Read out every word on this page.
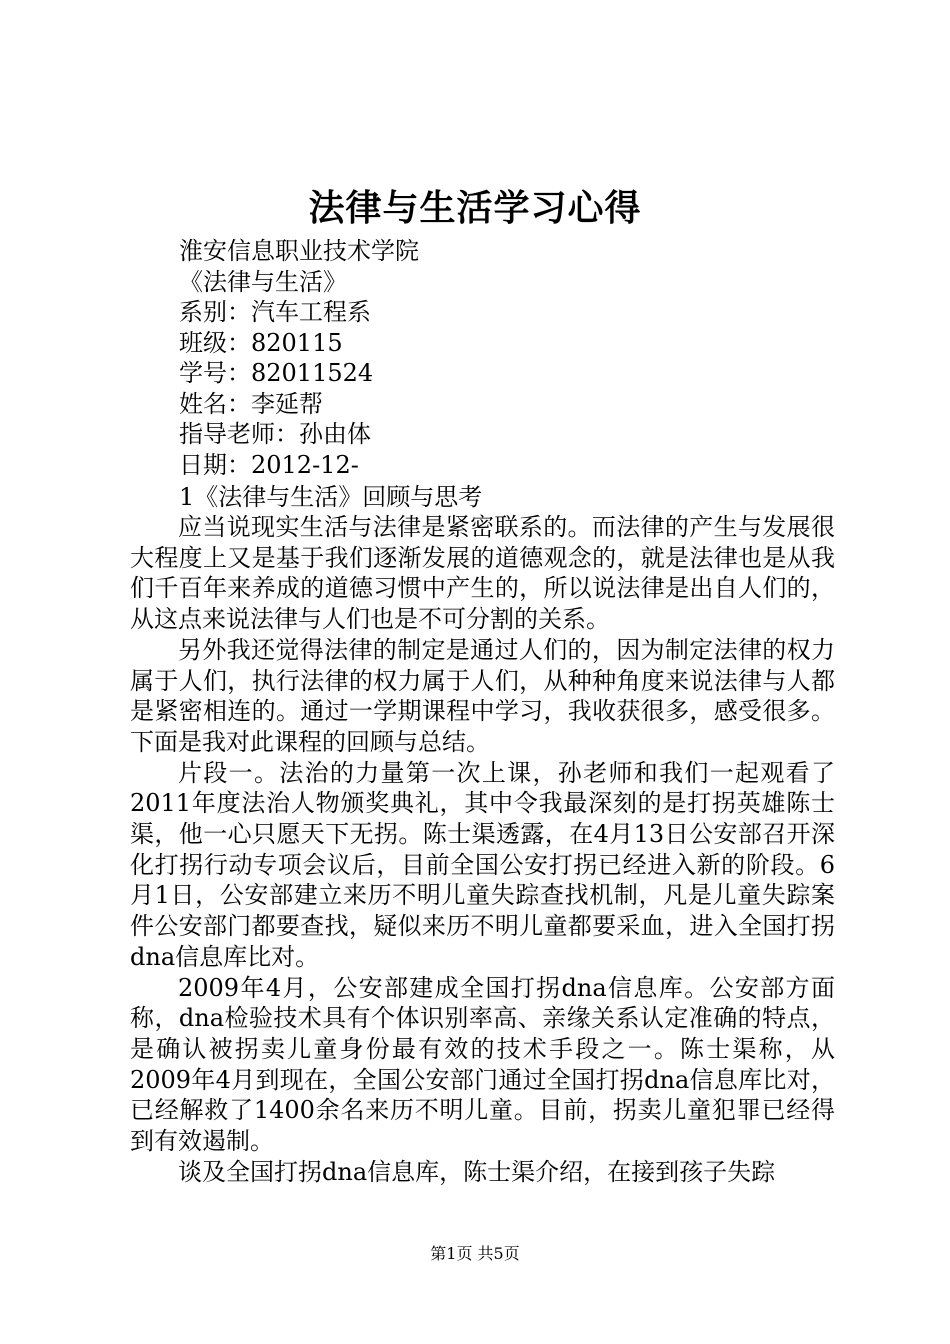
法律与生活学习心得
淮安信息职业技术学院
《法律与生活》
系别：汽车工程系
班级：820115
学号：82011524
姓名：李延帮
指导老师：孙由体
日期：2012-12-
1《法律与生活》回顾与思考

应当说现实生活与法律是紧密联系的。而法律的产生与发展很大程度上又是基于我们逐渐发展的道德观念的，就是法律也是从我们千百年来养成的道德习惯中产生的，所以说法律是出自人们的，从这点来说法律与人们也是不可分割的关系。

另外我还觉得法律的制定是通过人们的，因为制定法律的权力属于人们，执行法律的权力属于人们，从种种角度来说法律与人都是紧密相连的。通过一学期课程中学习，我收获很多，感受很多。下面是我对此课程的回顾与总结。

片段一。法治的力量第一次上课，孙老师和我们一起观看了2011年度法治人物颁奖典礼，其中令我最深刻的是打拐英雄陈士渠，他一心只愿天下无拐。陈士渠透露，在4月13日公安部召开深化打拐行动专项会议后，目前全国公安打拐已经进入新的阶段。6月1日，公安部建立来历不明儿童失踪查找机制，凡是儿童失踪案件公安部门都要查找，疑似来历不明儿童都要采血，进入全国打拐dna信息库比对。

2009年4月，公安部建成全国打拐dna信息库。公安部方面称，dna检验技术具有个体识别率高、亲缘关系认定准确的特点，是确认被拐卖儿童身份最有效的技术手段之一。陈士渠称，从2009年4月到现在，全国公安部门通过全国打拐dna信息库比对，已经解救了1400余名来历不明儿童。目前，拐卖儿童犯罪已经得到有效遏制。

谈及全国打拐dna信息库，陈士渠介绍，在接到孩子失踪

第1页 共5页
